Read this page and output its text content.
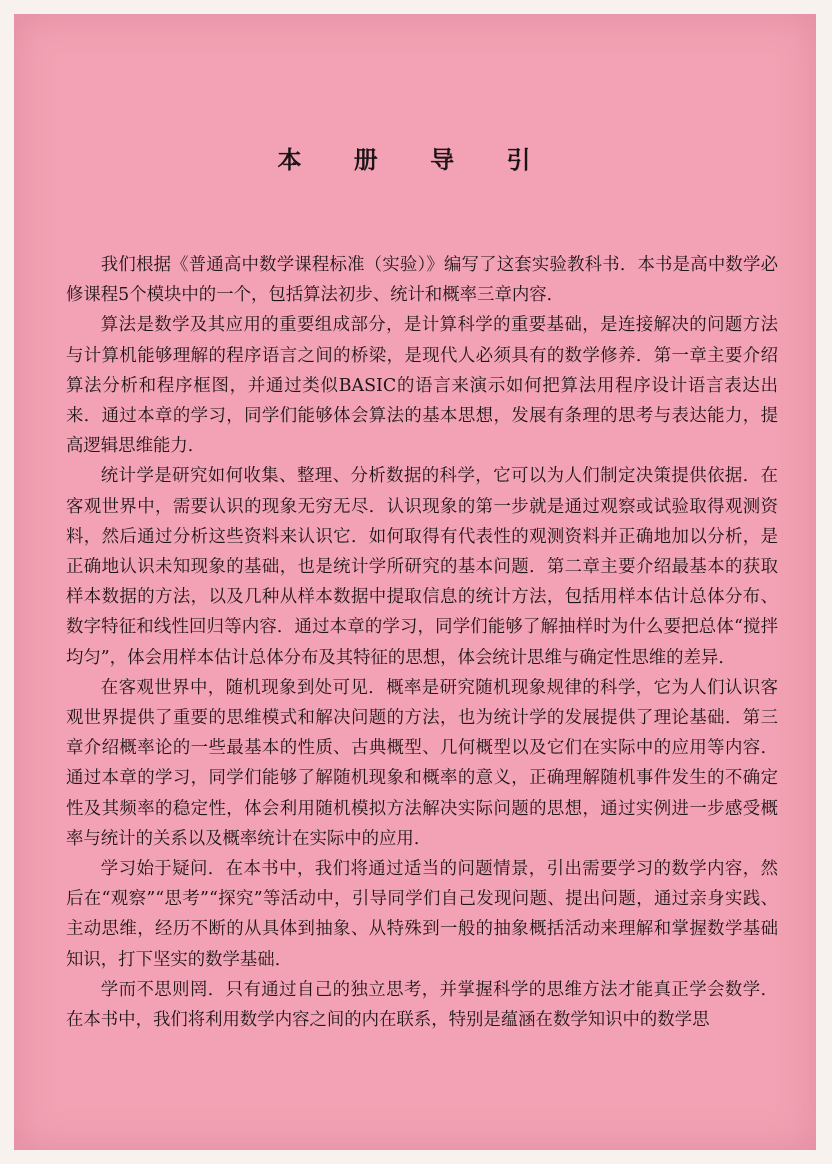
本 册 导 引

我们根据《普通高中数学课程标准（实验）》编写了这套实验教科书．本书是高中数学必修课程5个模块中的一个，包括算法初步、统计和概率三章内容．

算法是数学及其应用的重要组成部分，是计算科学的重要基础，是连接解决的问题方法与计算机能够理解的程序语言之间的桥梁，是现代人必须具有的数学修养．第一章主要介绍算法分析和程序框图，并通过类似BASIC的语言来演示如何把算法用程序设计语言表达出来．通过本章的学习，同学们能够体会算法的基本思想，发展有条理的思考与表达能力，提高逻辑思维能力．

统计学是研究如何收集、整理、分析数据的科学，它可以为人们制定决策提供依据．在客观世界中，需要认识的现象无穷无尽．认识现象的第一步就是通过观察或试验取得观测资料，然后通过分析这些资料来认识它．如何取得有代表性的观测资料并正确地加以分析，是正确地认识未知现象的基础，也是统计学所研究的基本问题．第二章主要介绍最基本的获取样本数据的方法，以及几种从样本数据中提取信息的统计方法，包括用样本估计总体分布、数字特征和线性回归等内容．通过本章的学习，同学们能够了解抽样时为什么要把总体“搅拌均匀”，体会用样本估计总体分布及其特征的思想，体会统计思维与确定性思维的差异．

在客观世界中，随机现象到处可见．概率是研究随机现象规律的科学，它为人们认识客观世界提供了重要的思维模式和解决问题的方法，也为统计学的发展提供了理论基础．第三章介绍概率论的一些最基本的性质、古典概型、几何概型以及它们在实际中的应用等内容．通过本章的学习，同学们能够了解随机现象和概率的意义，正确理解随机事件发生的不确定性及其频率的稳定性，体会利用随机模拟方法解决实际问题的思想，通过实例进一步感受概率与统计的关系以及概率统计在实际中的应用．

学习始于疑问．在本书中，我们将通过适当的问题情景，引出需要学习的数学内容，然后在“观察”“思考”“探究”等活动中，引导同学们自己发现问题、提出问题，通过亲身实践、主动思维，经历不断的从具体到抽象、从特殊到一般的抽象概括活动来理解和掌握数学基础知识，打下坚实的数学基础．

学而不思则罔．只有通过自己的独立思考，并掌握科学的思维方法才能真正学会数学．在本书中，我们将利用数学内容之间的内在联系，特别是蕴涵在数学知识中的数学思
